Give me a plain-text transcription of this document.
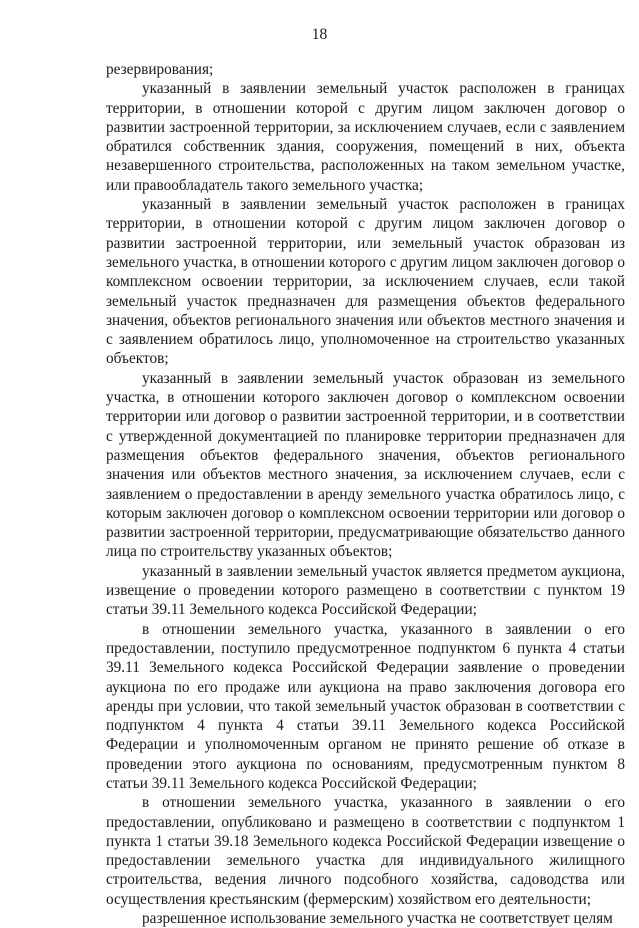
18

резервирования;

указанный в заявлении земельный участок расположен в границах территории, в отношении которой с другим лицом заключен договор о развитии застроенной территории, за исключением случаев, если с заявлением обратился собственник здания, сооружения, помещений в них, объекта незавершенного строительства, расположенных на таком земельном участке, или правообладатель такого земельного участка;

указанный в заявлении земельный участок расположен в границах территории, в отношении которой с другим лицом заключен договор о развитии застроенной территории, или земельный участок образован из земельного участка, в отношении которого с другим лицом заключен договор о комплексном освоении территории, за исключением случаев, если такой земельный участок предназначен для размещения объектов федерального значения, объектов регионального значения или объектов местного значения и с заявлением обратилось лицо, уполномоченное на строительство указанных объектов;

указанный в заявлении земельный участок образован из земельного участка, в отношении которого заключен договор о комплексном освоении территории или договор о развитии застроенной территории, и в соответствии с утвержденной документацией по планировке территории предназначен для размещения объектов федерального значения, объектов регионального значения или объектов местного значения, за исключением случаев, если с заявлением о предоставлении в аренду земельного участка обратилось лицо, с которым заключен договор о комплексном освоении территории или договор о развитии застроенной территории, предусматривающие обязательство данного лица по строительству указанных объектов;

указанный в заявлении земельный участок является предметом аукциона, извещение о проведении которого размещено в соответствии с пунктом 19 статьи 39.11 Земельного кодекса Российской Федерации;

в отношении земельного участка, указанного в заявлении о его предоставлении, поступило предусмотренное подпунктом 6 пункта 4 статьи 39.11 Земельного кодекса Российской Федерации заявление о проведении аукциона по его продаже или аукциона на право заключения договора его аренды при условии, что такой земельный участок образован в соответствии с подпунктом 4 пункта 4 статьи 39.11 Земельного кодекса Российской Федерации и уполномоченным органом не принято решение об отказе в проведении этого аукциона по основаниям, предусмотренным пунктом 8 статьи 39.11 Земельного кодекса Российской Федерации;

в отношении земельного участка, указанного в заявлении о его предоставлении, опубликовано и размещено в соответствии с подпунктом 1 пункта 1 статьи 39.18 Земельного кодекса Российской Федерации извещение о предоставлении земельного участка для индивидуального жилищного строительства, ведения личного подсобного хозяйства, садоводства или осуществления крестьянским (фермерским) хозяйством его деятельности;

разрешенное использование земельного участка не соответствует целям
